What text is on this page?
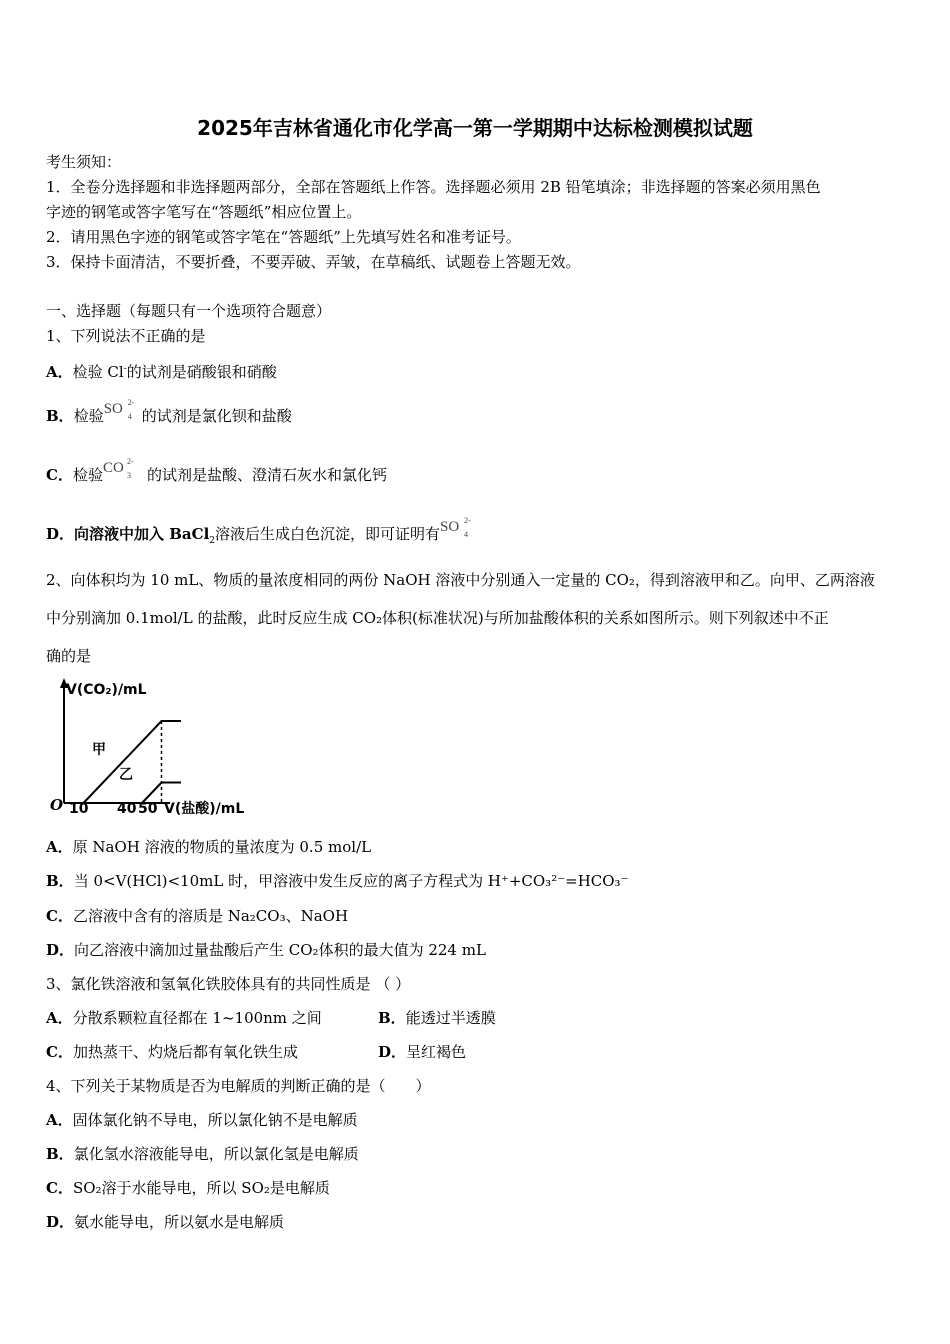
2025年吉林省通化市化学高一第一学期期中达标检测模拟试题
考生须知：
1．全卷分选择题和非选择题两部分，全部在答题纸上作答。选择题必须用 2B 铅笔填涂；非选择题的答案必须用黑色
字迹的钢笔或答字笔写在“答题纸”相应位置上。
2．请用黑色字迹的钢笔或答字笔在“答题纸”上先填写姓名和准考证号。
3．保持卡面清洁，不要折叠，不要弄破、弄皱，在草稿纸、试题卷上答题无效。
一、选择题（每题只有一个选项符合题意）
1、下列说法不正确的是
A．检验 Cl-的试剂是硝酸银和硝酸
B．检验SO 2-
4 的试剂是氯化钡和盐酸
C．检验CO 2-
3 的试剂是盐酸、澄清石灰水和氯化钙
D．向溶液中加入 BaCl$_2$溶液后生成白色沉淀，即可证明有SO 2-
4
2、向体积均为 10 mL、物质的量浓度相同的两份 NaOH 溶液中分别通入一定量的 CO₂，得到溶液甲和乙。向甲、乙两溶液
中分别滴加 0.1mol/L 的盐酸，此时反应生成 CO₂体积(标准状况)与所加盐酸体积的关系如图所示。则下列叙述中不正
确的是
V(CO₂)/mL
V(盐酸)/mL
O 10 40 50
甲
乙
A．原 NaOH 溶液的物质的量浓度为 0.5 mol/L
B．当 0<V(HCl)<10mL 时，甲溶液中发生反应的离子方程式为 H⁺+CO₃²⁻=HCO₃⁻
C．乙溶液中含有的溶质是 Na₂CO₃、NaOH
D．向乙溶液中滴加过量盐酸后产生 CO₂体积的最大值为 224 mL
3、氯化铁溶液和氢氧化铁胶体具有的共同性质是 （ ）
A．分散系颗粒直径都在 1~100nm 之间	B．能透过半透膜
C．加热蒸干、灼烧后都有氧化铁生成	D．呈红褐色
4、下列关于某物质是否为电解质的判断正确的是（　　）
A．固体氯化钠不导电，所以氯化钠不是电解质
B．氯化氢水溶液能导电，所以氯化氢是电解质
C．SO₂溶于水能导电，所以 SO₂是电解质
D．氨水能导电，所以氨水是电解质
